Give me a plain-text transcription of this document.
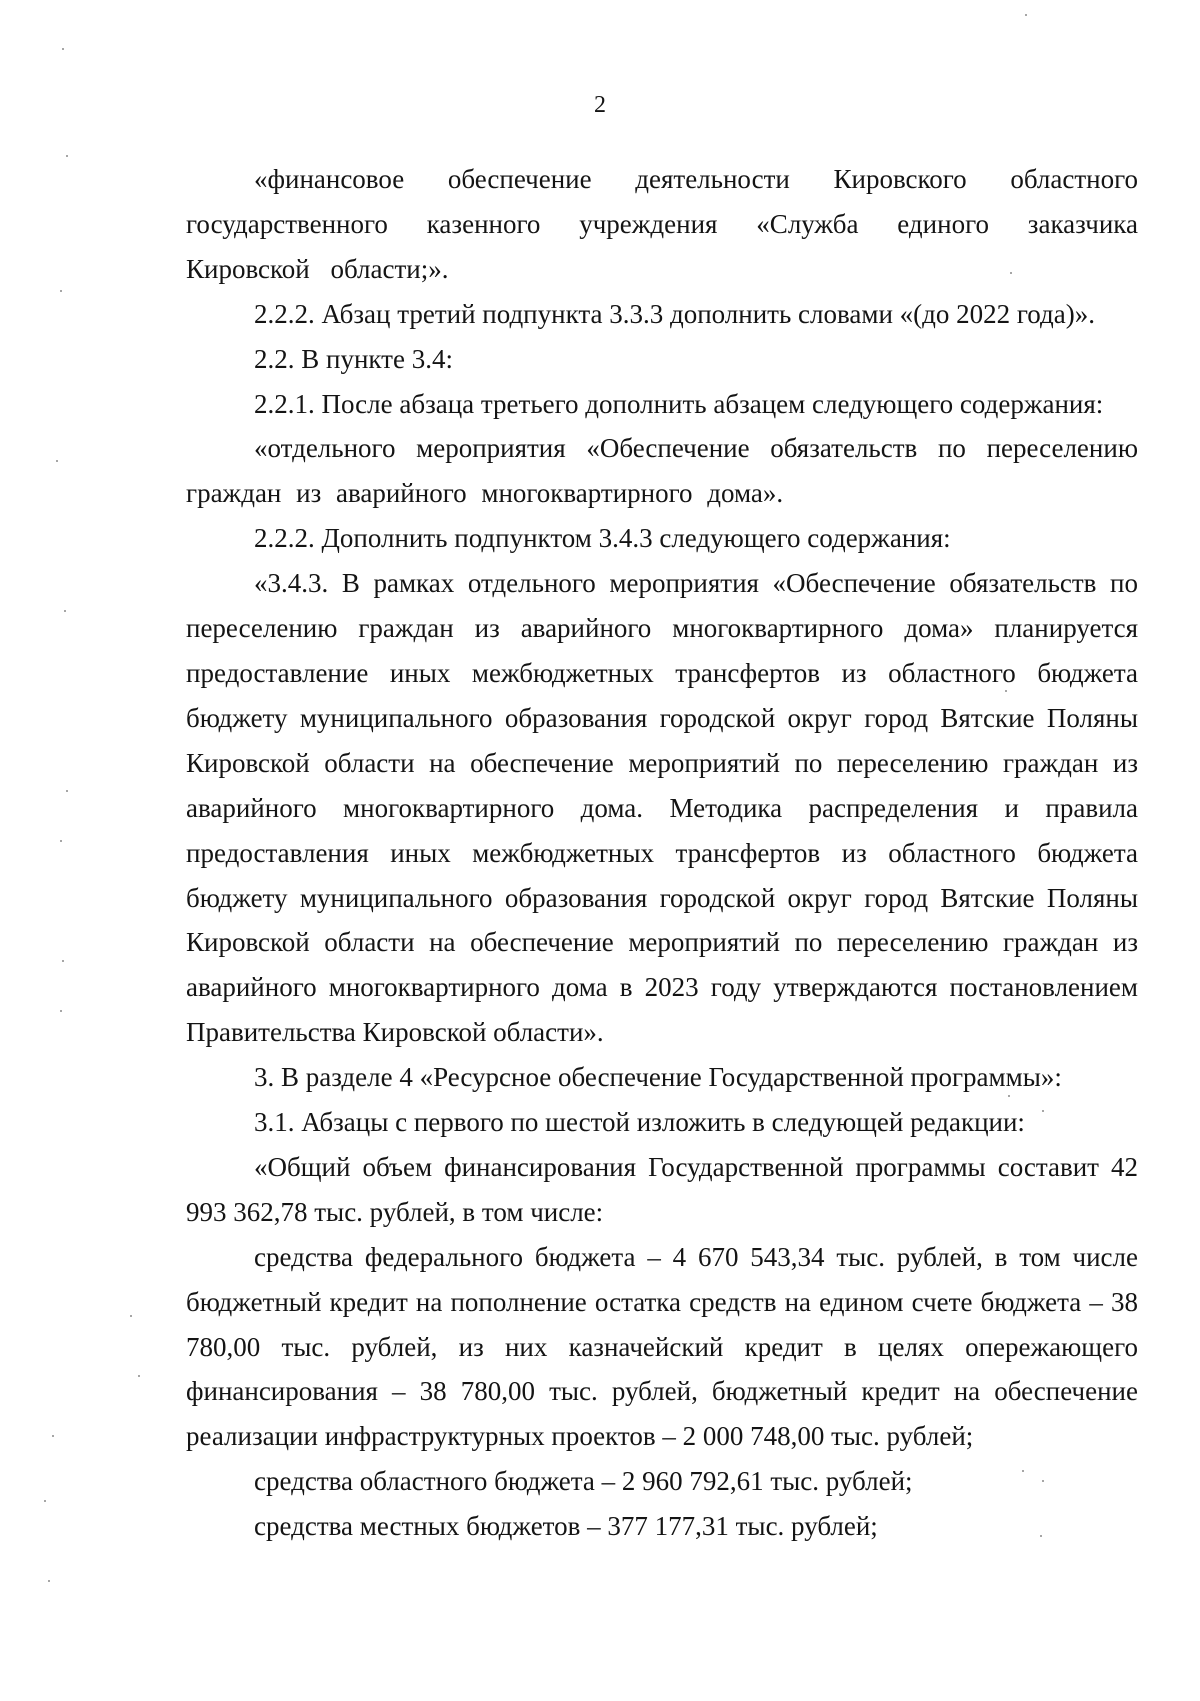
2

«финансовое обеспечение деятельности Кировского областного государственного казенного учреждения «Служба единого заказчика Кировской области;».

2.2.2. Абзац третий подпункта 3.3.3 дополнить словами «(до 2022 года)».

2.2. В пункте 3.4:

2.2.1. После абзаца третьего дополнить абзацем следующего содержания:

«отдельного мероприятия «Обеспечение обязательств по переселению граждан из аварийного многоквартирного дома».

2.2.2. Дополнить подпунктом 3.4.3 следующего содержания:

«3.4.3. В рамках отдельного мероприятия «Обеспечение обязательств по переселению граждан из аварийного многоквартирного дома» планируется предоставление иных межбюджетных трансфертов из областного бюджета бюджету муниципального образования городской округ город Вятские Поляны Кировской области на обеспечение мероприятий по переселению граждан из аварийного многоквартирного дома. Методика распределения и правила предоставления иных межбюджетных трансфертов из областного бюджета бюджету муниципального образования городской округ город Вятские Поляны Кировской области на обеспечение мероприятий по переселению граждан из аварийного многоквартирного дома в 2023 году утверждаются постановлением Правительства Кировской области».

3. В разделе 4 «Ресурсное обеспечение Государственной программы»:

3.1. Абзацы с первого по шестой изложить в следующей редакции:

«Общий объем финансирования Государственной программы составит 42 993 362,78 тыс. рублей, в том числе:

средства федерального бюджета – 4 670 543,34 тыс. рублей, в том числе бюджетный кредит на пополнение остатка средств на едином счете бюджета – 38 780,00 тыс. рублей, из них казначейский кредит в целях опережающего финансирования – 38 780,00 тыс. рублей, бюджетный кредит на обеспечение реализации инфраструктурных проектов – 2 000 748,00 тыс. рублей;

средства областного бюджета – 2 960 792,61 тыс. рублей;

средства местных бюджетов – 377 177,31 тыс. рублей;
